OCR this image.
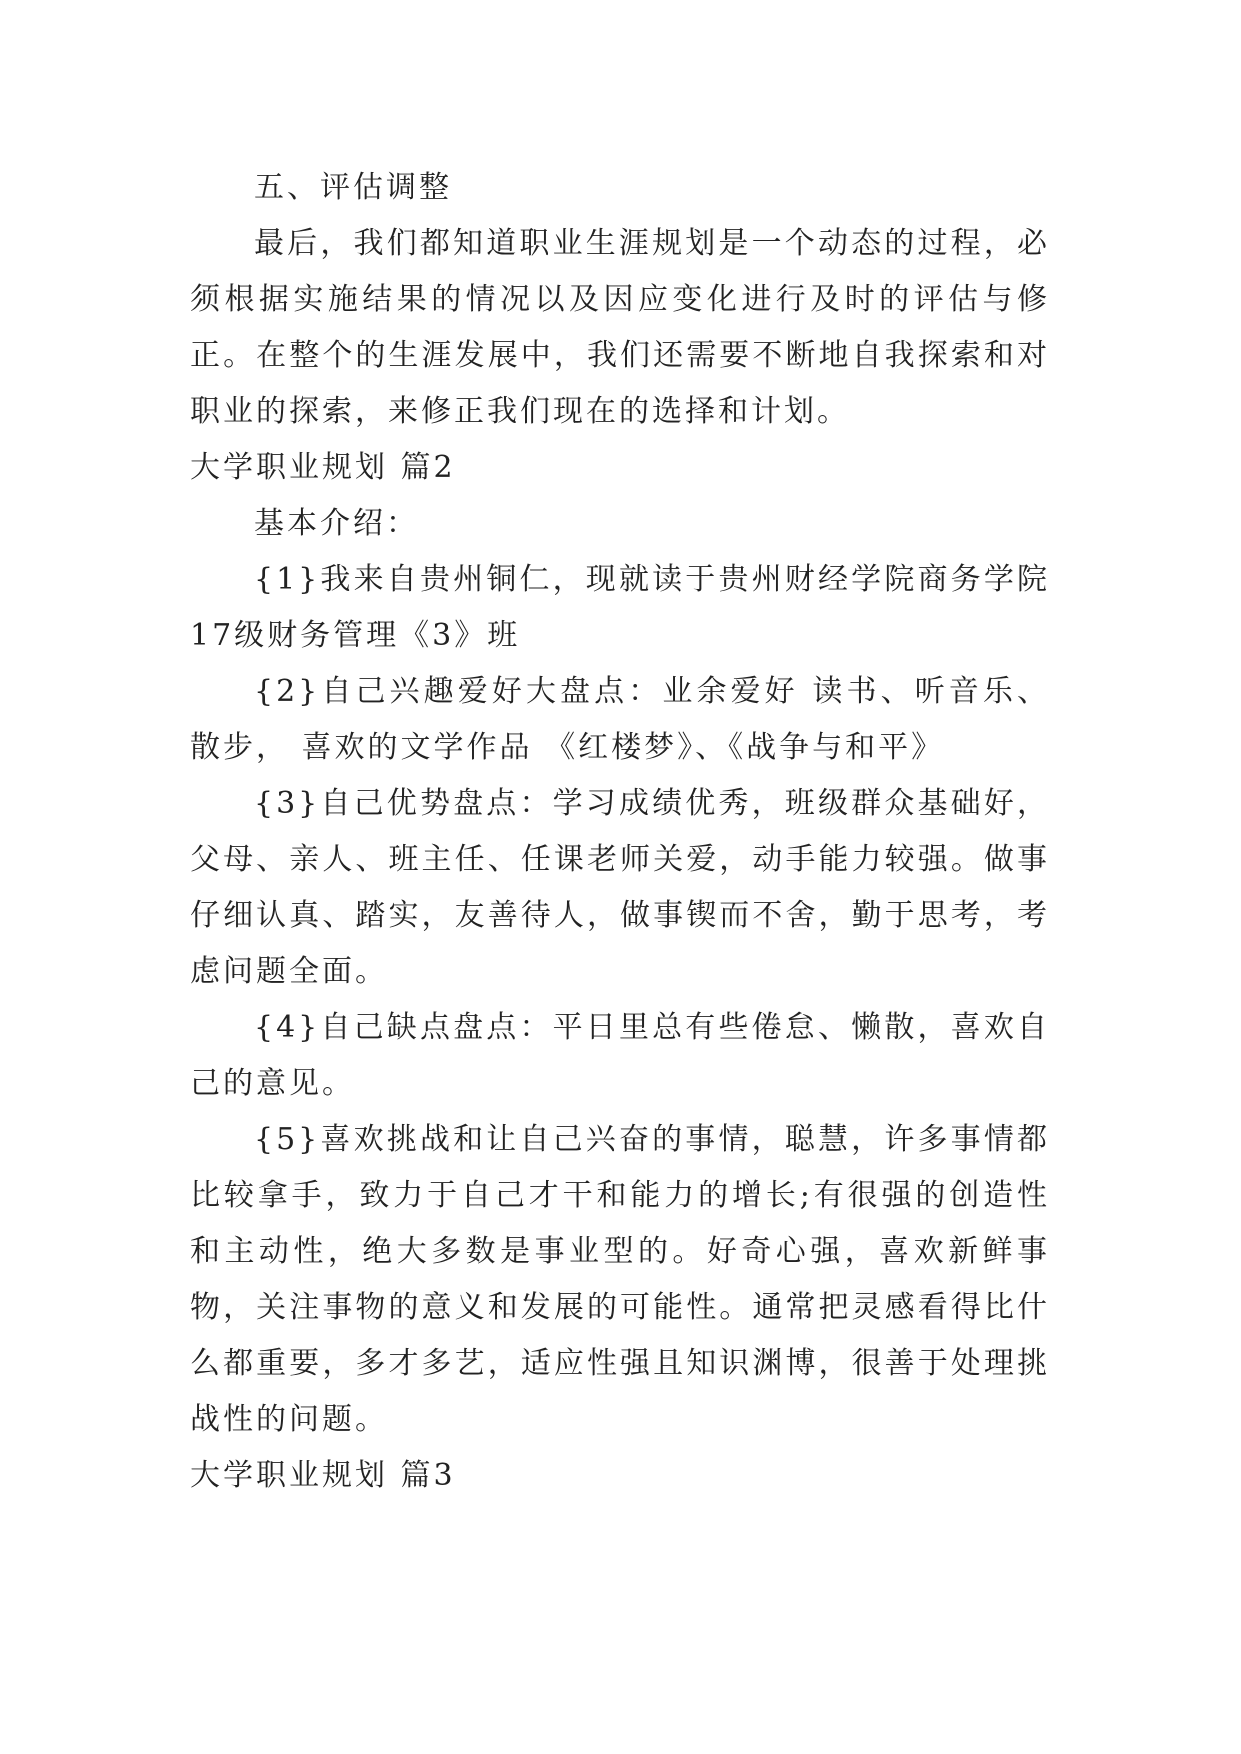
五、评估调整

最后，我们都知道职业生涯规划是一个动态的过程，必须根据实施结果的情况以及因应变化进行及时的评估与修正。在整个的生涯发展中，我们还需要不断地自我探索和对职业的探索，来修正我们现在的选择和计划。

大学职业规划 篇2

基本介绍：

{1}我来自贵州铜仁，现就读于贵州财经学院商务学院17级财务管理《3》班

{2}自己兴趣爱好大盘点：业余爱好 读书、听音乐、散步， 喜欢的文学作品 《红楼梦》、《战争与和平》

{3}自己优势盘点：学习成绩优秀，班级群众基础好，父母、亲人、班主任、任课老师关爱，动手能力较强。做事仔细认真、踏实，友善待人，做事锲而不舍，勤于思考，考虑问题全面。

{4}自己缺点盘点：平日里总有些倦怠、懒散，喜欢自己的意见。

{5}喜欢挑战和让自己兴奋的事情，聪慧，许多事情都比较拿手，致力于自己才干和能力的增长;有很强的创造性和主动性，绝大多数是事业型的。好奇心强，喜欢新鲜事物，关注事物的意义和发展的可能性。通常把灵感看得比什么都重要，多才多艺，适应性强且知识渊博，很善于处理挑战性的问题。

大学职业规划 篇3
